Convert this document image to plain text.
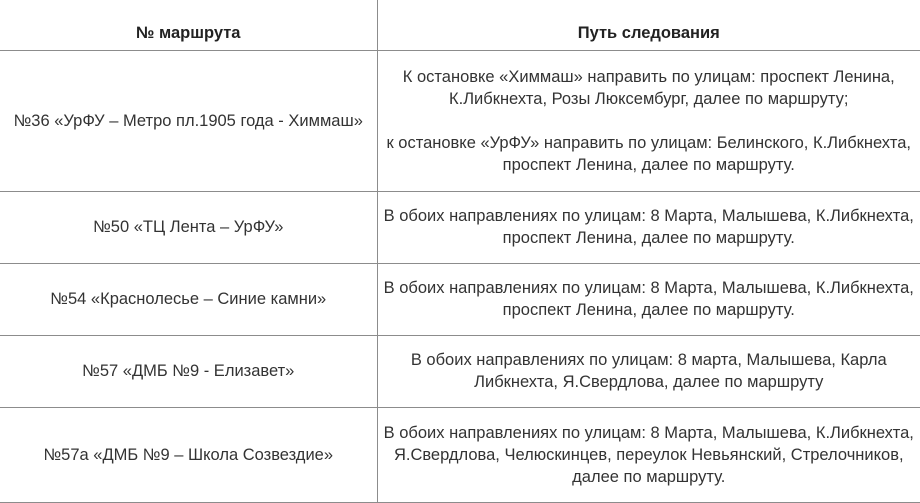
№ маршрута	Путь следования
№36 «УрФУ – Метро пл.1905 года - Химмаш»	К остановке «Химмаш» направить по улицам: проспект Ленина, К.Либкнехта, Розы Люксембург, далее по маршруту;
к остановке «УрФУ» направить по улицам: Белинского, К.Либкнехта, проспект Ленина, далее по маршруту.

№50 «ТЦ Лента – УрФУ»	В обоих направлениях по улицам: 8 Марта, Малышева, К.Либкнехта, проспект Ленина, далее по маршруту.

№54 «Краснолесье – Синие камни»	В обоих направлениях по улицам: 8 Марта, Малышева, К.Либкнехта, проспект Ленина, далее по маршруту.

№57 «ДМБ №9 - Елизавет»	В обоих направлениях по улицам: 8 марта, Малышева, Карла Либкнехта, Я.Свердлова, далее по маршруту

№57а «ДМБ №9 – Школа Созвездие»	В обоих направлениях по улицам: 8 Марта, Малышева, К.Либкнехта, Я.Свердлова, Челюскинцев, переулок Невьянский, Стрелочников, далее по маршруту.
